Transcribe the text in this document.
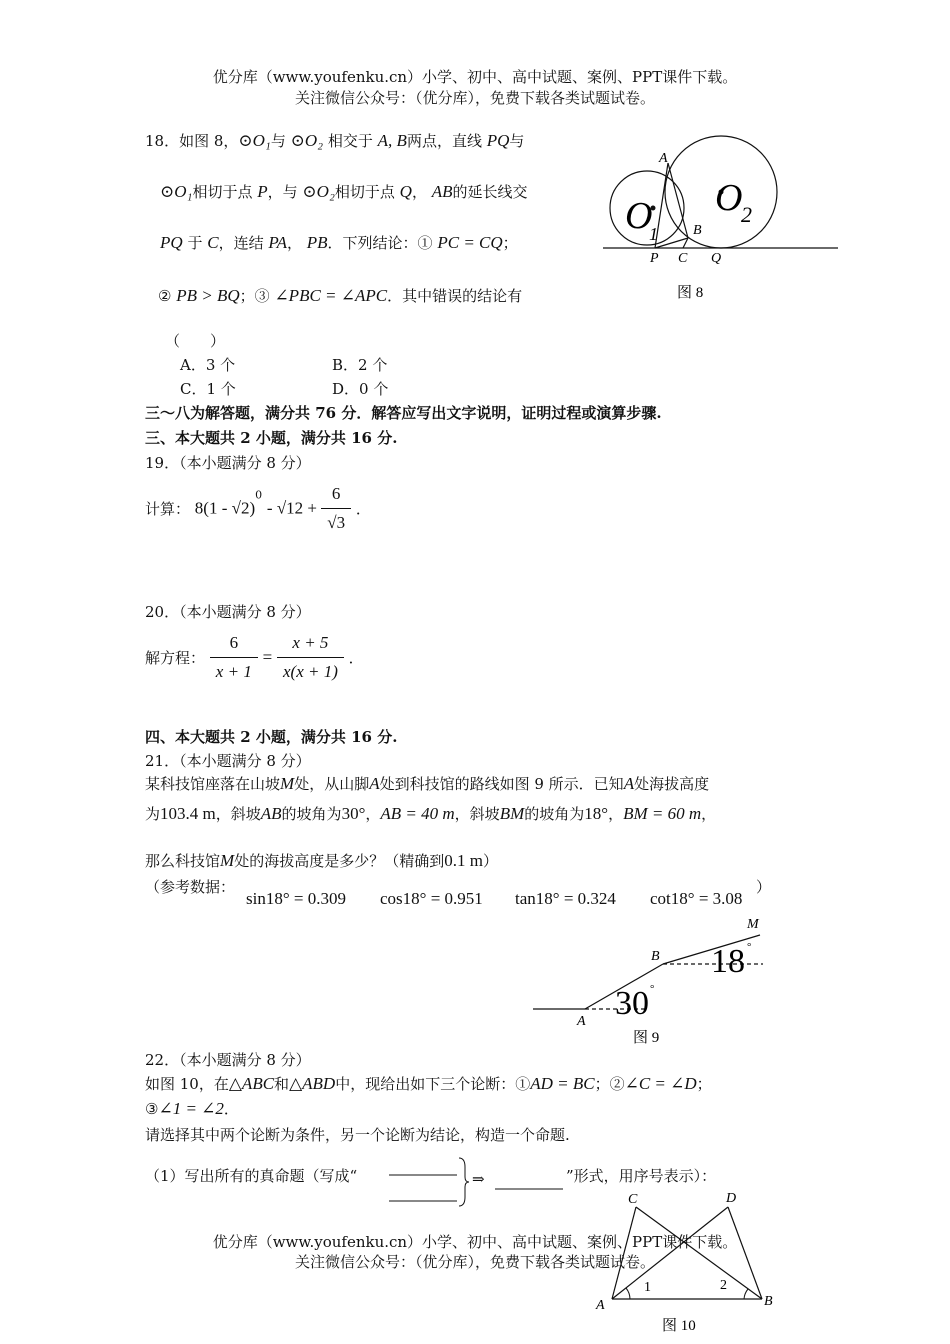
优分库（www.youfenku.cn）小学、初中、高中试题、案例、PPT课件下载。
关注微信公众号：（优分库），免费下载各类试题试卷。
18．如图 8，⊙O₁与 ⊙O₂ 相交于 A, B两点，直线 PQ与
⊙O₁相切于点 P，与 ⊙O₂相切于点 Q， AB的延长线交
PQ 于 C，连结 PA， PB．下列结论：① PC = CQ；
② PB > BQ；③ ∠PBC = ∠APC．其中错误的结论有
（　　）
A．3 个	B．2 个
C．1 个	D．0 个
A
B
O
1
O
2
P C Q
图 8
三～八为解答题，满分共 76 分．解答应写出文字说明，证明过程或演算步骤.
三、本大题共 2 小题，满分共 16 分.
19．（本小题满分 8 分）
计算： $8(1 - √2)^0 - √12 + \frac{6}{√3}$ ．
20．（本小题满分 8 分）
解方程： $\frac{6}{x + 1} = \frac{x + 5}{x(x + 1)}$ ．
四、本大题共 2 小题，满分共 16 分.
21．（本小题满分 8 分）
某科技馆座落在山坡M处，从山脚A处到科技馆的路线如图 9 所示．已知A处海拔高度
为103.4 m，斜坡AB的坡角为30°，AB = 40 m，斜坡BM的坡角为18°，BM = 60 m，
那么科技馆M处的海拔高度是多少？（精确到0.1 m）
（参考数据：
sin18° = 0.309 cos18° = 0.951 tan18° = 0.324 cot18° = 3.08
）
A
B
M
30 °
18 °
图 9
22．（本小题满分 8 分）
如图 10，在△ABC和△ABD中，现给出如下三个论断：①AD = BC；②∠C = ∠D；
③∠1 = ∠2．
请选择其中两个论断为条件，另一个论断为结论，构造一个命题.
（1）写出所有的真命题（写成“	⇒	”形式，用序号表示）：
A	B
C	D
1	2
图 10
优分库（www.youfenku.cn）小学、初中、高中试题、案例、PPT课件下载。
关注微信公众号：（优分库），免费下载各类试题试卷。
